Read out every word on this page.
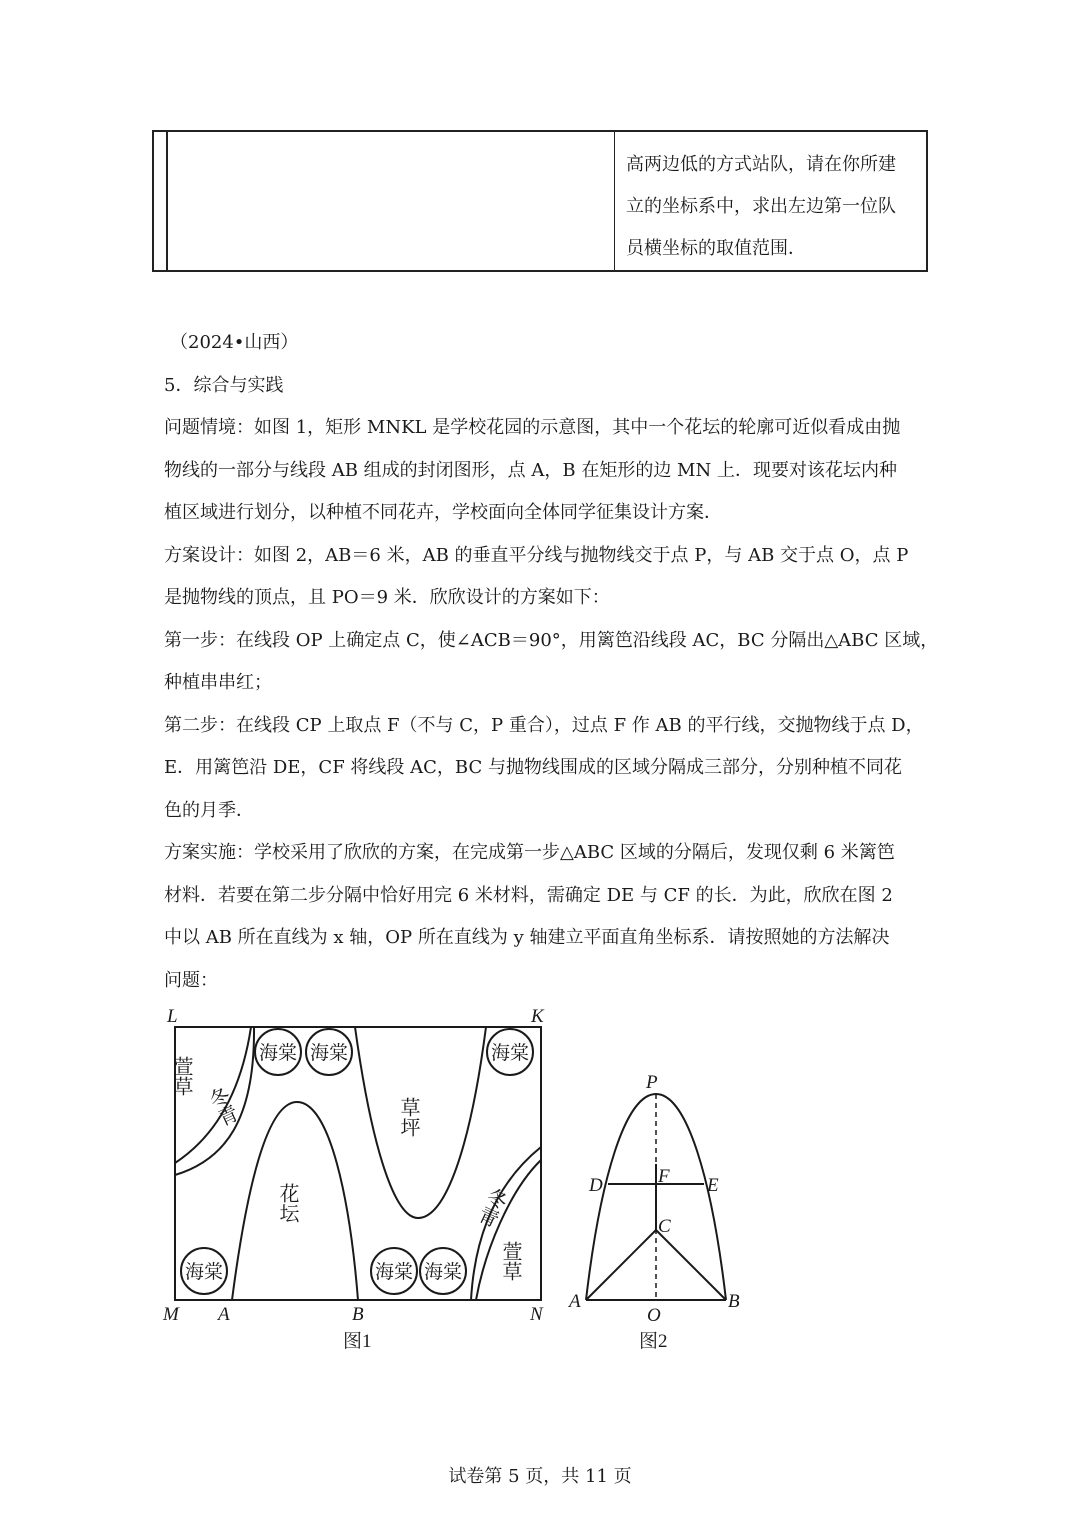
高两边低的方式站队，请在你所建
立的坐标系中，求出左边第一位队
员横坐标的取值范围．
（2024•山西）
5．综合与实践
问题情境：如图 1，矩形 MNKL 是学校花园的示意图，其中一个花坛的轮廓可近似看成由抛
物线的一部分与线段 AB 组成的封闭图形，点 A，B 在矩形的边 MN 上．现要对该花坛内种
植区域进行划分，以种植不同花卉，学校面向全体同学征集设计方案．
方案设计：如图 2，AB＝6 米，AB 的垂直平分线与抛物线交于点 P，与 AB 交于点 O，点 P
是抛物线的顶点，且 PO＝9 米．欣欣设计的方案如下：
第一步：在线段 OP 上确定点 C，使∠ACB＝90°，用篱笆沿线段 AC，BC 分隔出△ABC 区域，
种植串串红；
第二步：在线段 CP 上取点 F（不与 C，P 重合），过点 F 作 AB 的平行线，交抛物线于点 D，
E．用篱笆沿 DE，CF 将线段 AC，BC 与抛物线围成的区域分隔成三部分，分别种植不同花
色的月季．
方案实施：学校采用了欣欣的方案，在完成第一步△ABC 区域的分隔后，发现仅剩 6 米篱笆
材料．若要在第二步分隔中恰好用完 6 米材料，需确定 DE 与 CF 的长．为此，欣欣在图 2
中以 AB 所在直线为 x 轴，OP 所在直线为 y 轴建立平面直角坐标系．请按照她的方法解决
问题：
海棠 海棠	海棠
海棠	海棠 海棠
萱草
萱草
冬青
冬青
草坪
花坛
L	K
M A	B	N
图1
P
D	F E
C
A
O
B
图2
试卷第 5 页，共 11 页
